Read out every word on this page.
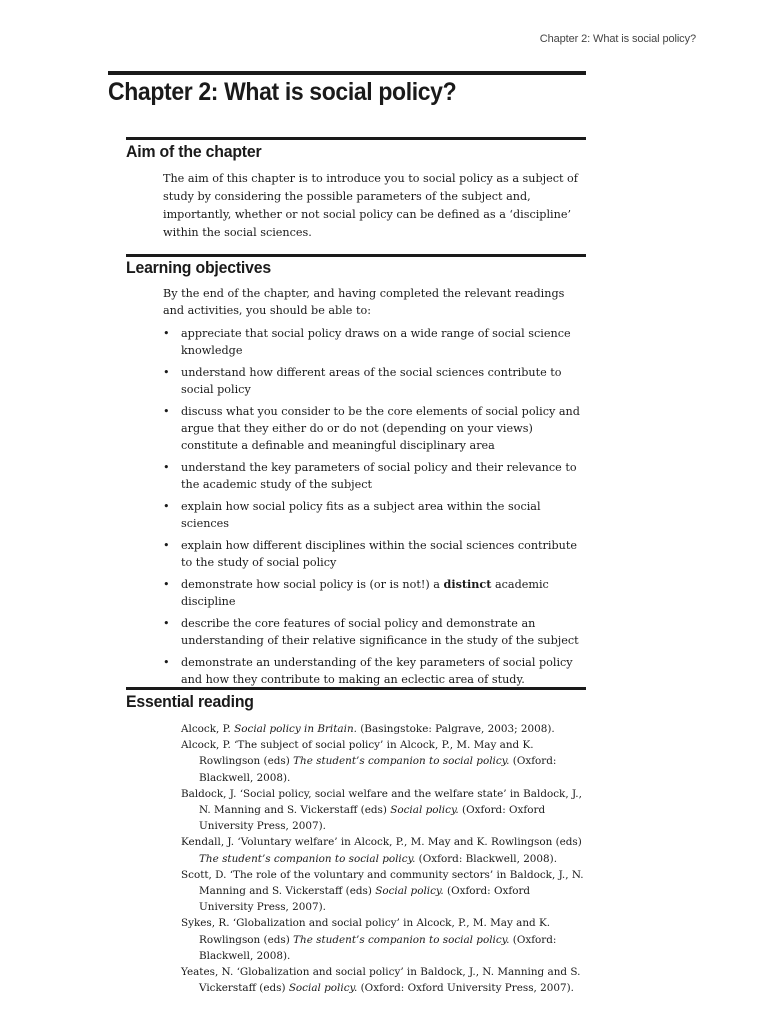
Chapter 2: What is social policy?
Chapter 2: What is social policy?
Aim of the chapter

The aim of this chapter is to introduce you to social policy as a subject of study by considering the possible parameters of the subject and, importantly, whether or not social policy can be defined as a ‘discipline’ within the social sciences.

Learning objectives

By the end of the chapter, and having completed the relevant readings and activities, you should be able to:

• appreciate that social policy draws on a wide range of social science knowledge
• understand how different areas of the social sciences contribute to social policy
• discuss what you consider to be the core elements of social policy and argue that they either do or do not (depending on your views) constitute a definable and meaningful disciplinary area
• understand the key parameters of social policy and their relevance to the academic study of the subject
• explain how social policy fits as a subject area within the social sciences
• explain how different disciplines within the social sciences contribute to the study of social policy
• demonstrate how social policy is (or is not!) a distinct academic discipline
• describe the core features of social policy and demonstrate an understanding of their relative significance in the study of the subject
• demonstrate an understanding of the key parameters of social policy and how they contribute to making an eclectic area of study.
Essential reading
Alcock, P. Social policy in Britain. (Basingstoke: Palgrave, 2003; 2008).
Alcock, P. ‘The subject of social policy’ in Alcock, P., M. May and K. Rowlingson (eds) The student’s companion to social policy. (Oxford: Blackwell, 2008).
Baldock, J. ‘Social policy, social welfare and the welfare state’ in Baldock, J., N. Manning and S. Vickerstaff (eds) Social policy. (Oxford: Oxford University Press, 2007).
Kendall, J. ‘Voluntary welfare’ in Alcock, P., M. May and K. Rowlingson (eds) The student’s companion to social policy. (Oxford: Blackwell, 2008).
Scott, D. ‘The role of the voluntary and community sectors’ in Baldock, J., N. Manning and S. Vickerstaff (eds) Social policy. (Oxford: Oxford University Press, 2007).
Sykes, R. ‘Globalization and social policy’ in Alcock, P., M. May and K. Rowlingson (eds) The student’s companion to social policy. (Oxford: Blackwell, 2008).
Yeates, N. ‘Globalization and social policy’ in Baldock, J., N. Manning and S. Vickerstaff (eds) Social policy. (Oxford: Oxford University Press, 2007).
